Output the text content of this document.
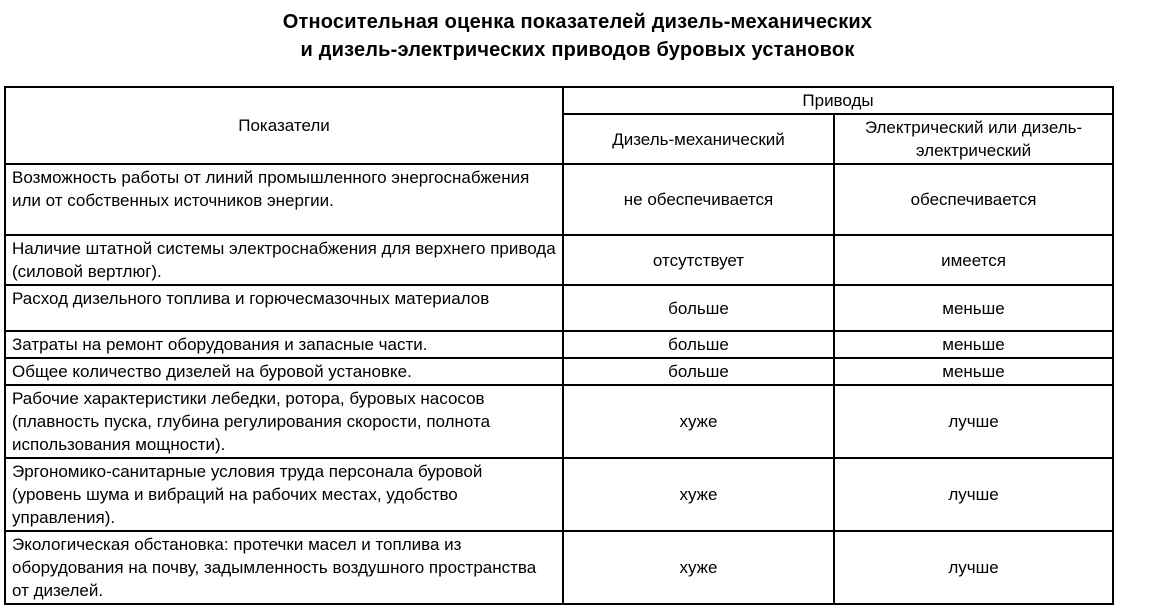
Относительная оценка показателей дизель-механических
и дизель-электрических приводов буровых установок
Показатели	Приводы	
	Дизель-механический	Электрический или дизель-электрический
Возможность работы от линий промышленного энергоснабжения или от собственных источников энергии.	не обеспечивается	обеспечивается
Наличие штатной системы электроснабжения для верхнего привода (силовой вертлюг).	отсутствует	имеется
Расход дизельного топлива и горючесмазочных материалов	больше	меньше
Затраты на ремонт оборудования и запасные части.	больше	меньше
Общее количество дизелей на буровой установке.	больше	меньше
Рабочие характеристики лебедки, ротора, буровых насосов (плавность пуска, глубина регулирования скорости, полнота использования мощности).	хуже	лучше
Эргономико-санитарные условия труда персонала буровой (уровень шума и вибраций на рабочих местах, удобство управления).	хуже	лучше
Экологическая обстановка: протечки масел и топлива из оборудования на почву, задымленность воздушного пространства от дизелей.	хуже	лучше
